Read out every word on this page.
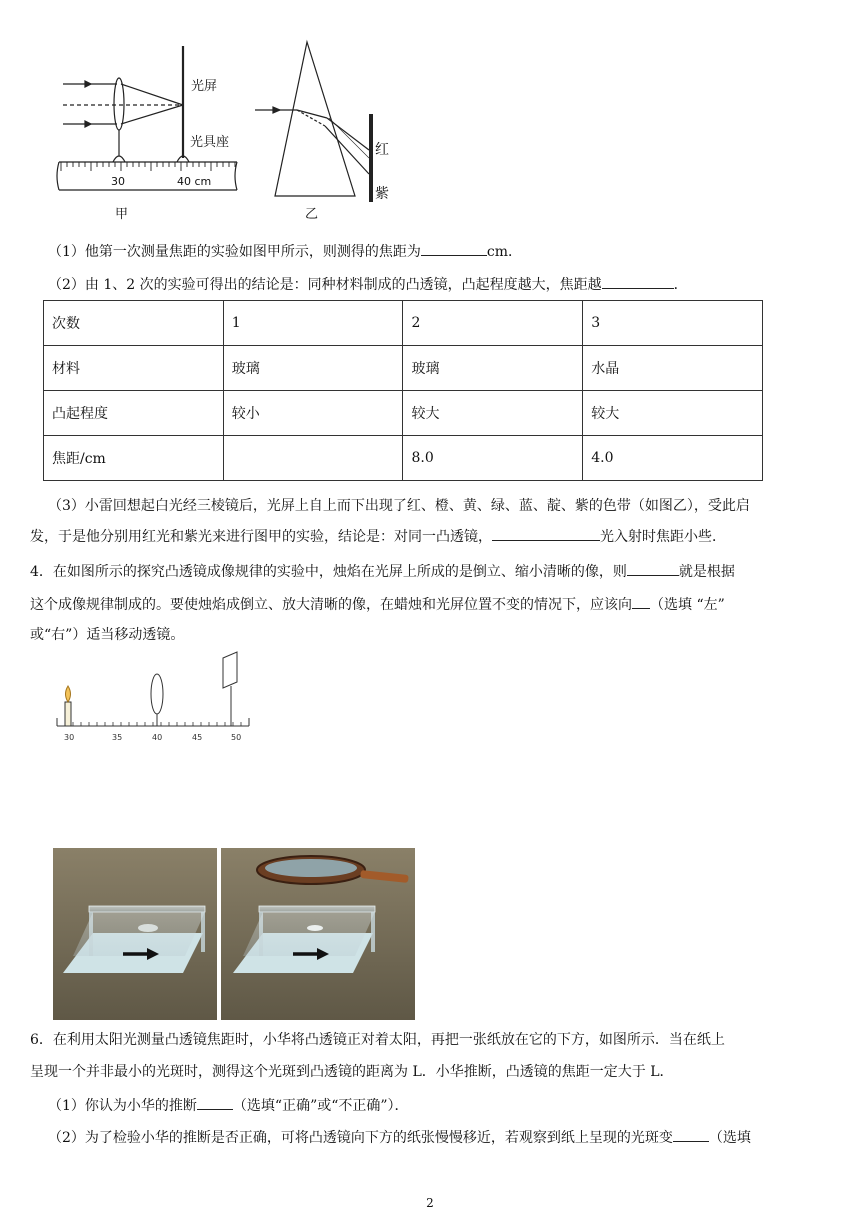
光屏
光具座
30	40 cm
甲
红
紫
乙
（1）他第一次测量焦距的实验如图甲所示，则测得的焦距为	cm．
（2）由 1、2 次的实验可得出的结论是：同种材料制成的凸透镜，凸起程度越大，焦距越	．
次数	1	2	3
材料	玻璃	玻璃	水晶
凸起程度	较小	较大	较大
焦距/cm		8.0	4.0
（3）小雷回想起白光经三棱镜后，光屏上自上而下出现了红、橙、黄、绿、蓝、靛、紫的色带（如图乙），受此启
发，于是他分别用红光和紫光来进行图甲的实验，结论是：对同一凸透镜，	光入射时焦距小些．
4．在如图所示的探究凸透镜成像规律的实验中，烛焰在光屏上所成的是倒立、缩小清晰的像，则	就是根据
这个成像规律制成的。要使烛焰成倒立、放大清晰的像，在蜡烛和光屏位置不变的情况下，应该向 （选填 “左”
或“右”）适当移动透镜。
30	35	40	45	50
6．在利用太阳光测量凸透镜焦距时，小华将凸透镜正对着太阳，再把一张纸放在它的下方，如图所示．当在纸上
呈现一个并非最小的光斑时，测得这个光斑到凸透镜的距离为 L．小华推断，凸透镜的焦距一定大于 L．
（1）你认为小华的推断	（选填“正确”或“不正确”）．
（2）为了检验小华的推断是否正确，可将凸透镜向下方的纸张慢慢移近，若观察到纸上呈现的光斑变	（选填
2
